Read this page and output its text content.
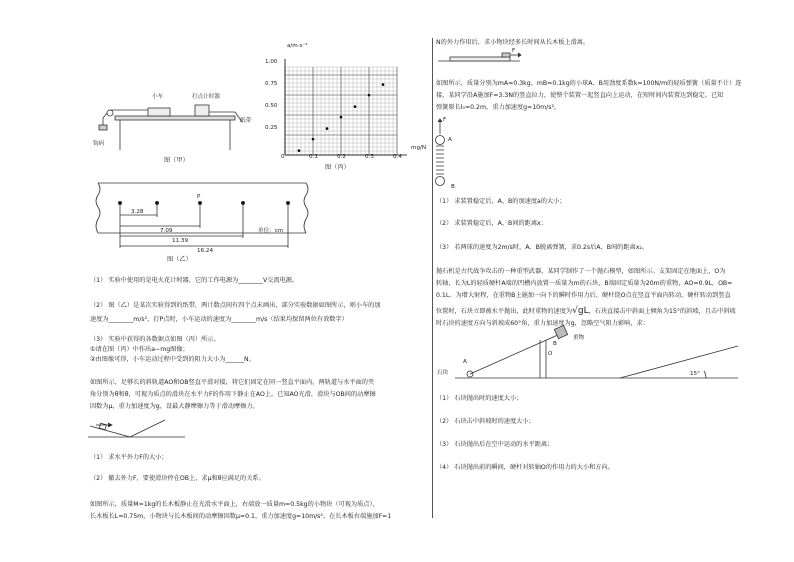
小车	打点计时器
纸带
钩码
图（甲）
a/m·s⁻²
mg/N
1.00
0.75
0.50
0.25
0	0.1	0.2	0.3	0.4
图（丙）
P
3.28
7.09
11.39
16.24
单位：cm
图（乙）
（1） 实验中使用的是电火花计时器，它的工作电源为________V交流电源。
（2） 图（乙）是某次实验得到的纸带，两计数点间有四个点未画出，部分实验数据如图所示，则小车的加
速度为________m/s²，打P点时，小车运动的速度为________m/s（结果均保留两位有效数字）
（3） 实验中获得的各数据点如图（丙）所示。
①请在图（丙）中作出a−mg图像；
②由图像可得，小车运动过程中受到的阻力大小为______N。
如图所示，足够长的斜轨道AO和OB竖直平滑对接，将它们固定在同一竖直平面内，两轨道与水平面的夹
角分别为θ和θ，可视为质点的滑块在水平力F的作用下静止在AO上。已知AO光滑，滑块与OB间的动摩擦
因数为μ，重力加速度为g，设最大静摩擦力等于滑动摩擦力。
（1） 求水平外力F的大小；
（2） 撤去外力F，要使滑块停在OB上，求μ和θ应满足的关系。
如图所示，质量M=1kg的长木板静止在光滑水平面上，右端放一质量m=0.5kg的小物块（可视为质点），
长木板长L=0.75m，小物块与长木板间的动摩擦因数μ=0.1，重力加速度g=10m/s²。在长木板右端施加F=1
N的外力作用后，求小物块经多长时间从长木板上滑离。
F
如图所示，质量分别为mA=0.3kg、mB=0.1kg的小球A、B用劲度系数k=100N/m的轻质弹簧（质量不计）连
接，某同学沿A施加F=3.3N的竖直拉力，使整个装置一起竖直向上运动，在短时间内装置达到稳定。已知
弹簧原长l₀=0.2m，重力加速度g=10m/s²。
F
A
B
（1） 求装置稳定后，A、B的加速度a的大小；
（2） 求装置稳定后，A、B间的距离x；
（3） 若两球的速度为2m/s时，A、B脱离弹簧，求0.2s后A、B间的距离x₂。
抛石机是古代战争攻击的一种重型武器，某同学制作了一个抛石模型，如图所示。支架固定在地面上，O为
转轴，长为L的轻质硬杆A端的凹槽内放置一质量为m的石块，B端固定质量为20m的重物，AO=0.9L，OB=
0.1L。为增大射程，在重物B上施加一向下的瞬时作用力后，硬杆绕O点在竖直平面内转动，硬杆转动到竖直
位置时，石块立即被水平抛出，此时重物的速度为√gL，石块直接击中斜面上倾角为15°的斜坡，且击中斜坡
时石块的速度方向与斜坡成60°角，重力加速度为g，忽略空气阻力影响，求：
A
O
B
重物
石块	15°
（1） 石块抛出时的速度大小；
（2） 石块击中斜坡时的速度大小；
（3） 石块抛出后在空中运动的水平距离；
（4） 石块抛出前的瞬间，硬杆对转轴O的作用力的大小和方向。
